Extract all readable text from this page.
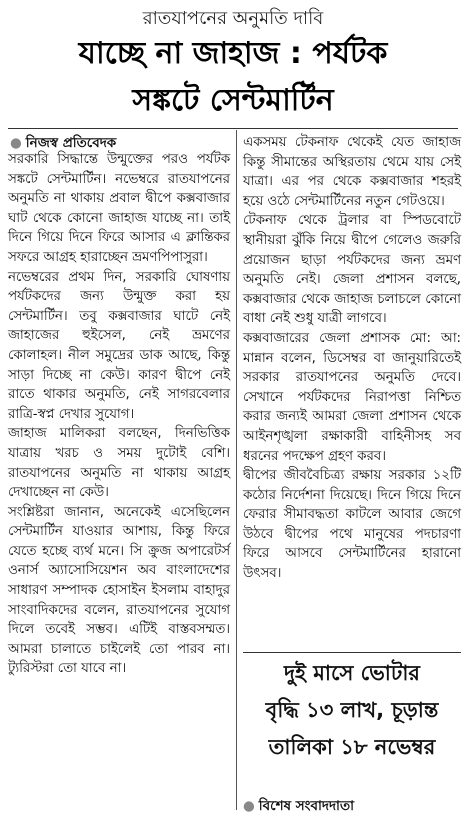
রাতযাপনের অনুমতি দাবি
যাচ্ছে না জাহাজ : পর্যটক
সঙ্কটে সেন্টমার্টিন
● নিজস্ব প্রতিবেদক

সরকারি সিদ্ধান্তে উন্মুক্তের পরও পর্যটক সঙ্কটে সেন্টমার্টিন। নভেম্বরে রাতযাপনের অনুমতি না থাকায় প্রবাল দ্বীপে কক্সবাজার ঘাট থেকে কোনো জাহাজ যাচ্ছে না। তাই দিনে গিয়ে দিনে ফিরে আসার এ ক্লান্তিকর সফরে আগ্রহ হারাচ্ছেন ভ্রমণপিপাসুরা।

নভেম্বরের প্রথম দিন, সরকারি ঘোষণায় পর্যটকদের জন্য উন্মুক্ত করা হয় সেন্টমার্টিন। তবু কক্সবাজার ঘাটে নেই জাহাজের হুইসেল, নেই ভ্রমণের কোলাহল। নীল সমুদ্রের ডাক আছে, কিন্তু সাড়া দিচ্ছে না কেউ। কারণ দ্বীপে নেই রাতে থাকার অনুমতি, নেই সাগরবেলার রাত্রি-স্বপ্ন দেখার সুযোগ।

জাহাজ মালিকরা বলছেন, দিনভিত্তিক যাত্রায় খরচ ও সময় দুটোই বেশি। রাতযাপনের অনুমতি না থাকায় আগ্রহ দেখাচ্ছেন না কেউ।

সংশ্লিষ্টরা জানান, অনেকেই এসেছিলেন সেন্টমার্টিন যাওয়ার আশায়, কিন্তু ফিরে যেতে হচ্ছে ব্যর্থ মনে। সি ক্রুজ অপারেটর্স ওনার্স অ্যাসোসিয়েশন অব বাংলাদেশের সাধারণ সম্পাদক হোসাইন ইসলাম বাহাদুর সাংবাদিকদের বলেন, রাতযাপনের সুযোগ দিলে তবেই সম্ভব। এটিই বাস্তবসম্মত। আমরা চালাতে চাইলেই তো পারব না। ট্যুরিস্টরা তো যাবে না।

একসময় টেকনাফ থেকেই যেত জাহাজ কিন্তু সীমান্তের অস্থিরতায় থেমে যায় সেই যাত্রা। এর পর থেকে কক্সবাজার শহরই হয়ে ওঠে সেন্টমার্টিনের নতুন গেটওয়ে।

টেকনাফ থেকে ট্রলার বা স্পিডবোটে স্থানীয়রা ঝুঁকি নিয়ে দ্বীপে গেলেও জরুরি প্রয়োজন ছাড়া পর্যটকদের জন্য ভ্রমণ অনুমতি নেই। জেলা প্রশাসন বলছে, কক্সবাজার থেকে জাহাজ চলাচলে কোনো বাধা নেই শুধু যাত্রী লাগবে।

কক্সবাজারের জেলা প্রশাসক মো: আ: মান্নান বলেন, ডিসেম্বর বা জানুয়ারিতেই সরকার রাতযাপনের অনুমতি দেবে। সেখানে পর্যটকদের নিরাপত্তা নিশ্চিত করার জন্যই আমরা জেলা প্রশাসন থেকে আইনশৃঙ্খলা রক্ষাকারী বাহিনীসহ সব ধরনের পদক্ষেপ গ্রহণ করব।

দ্বীপের জীববৈচিত্র্য রক্ষায় সরকার ১২টি কঠোর নির্দেশনা দিয়েছে। দিনে গিয়ে দিনে ফেরার সীমাবদ্ধতা কাটলে আবার জেগে উঠবে দ্বীপের পথে মানুষের পদচারণা ফিরে আসবে সেন্টমার্টিনের হারানো উৎসব।

দুই মাসে ভোটার
বৃদ্ধি ১৩ লাখ, চূড়ান্ত
তালিকা ১৮ নভেম্বর
● বিশেষ সংবাদদাতা
